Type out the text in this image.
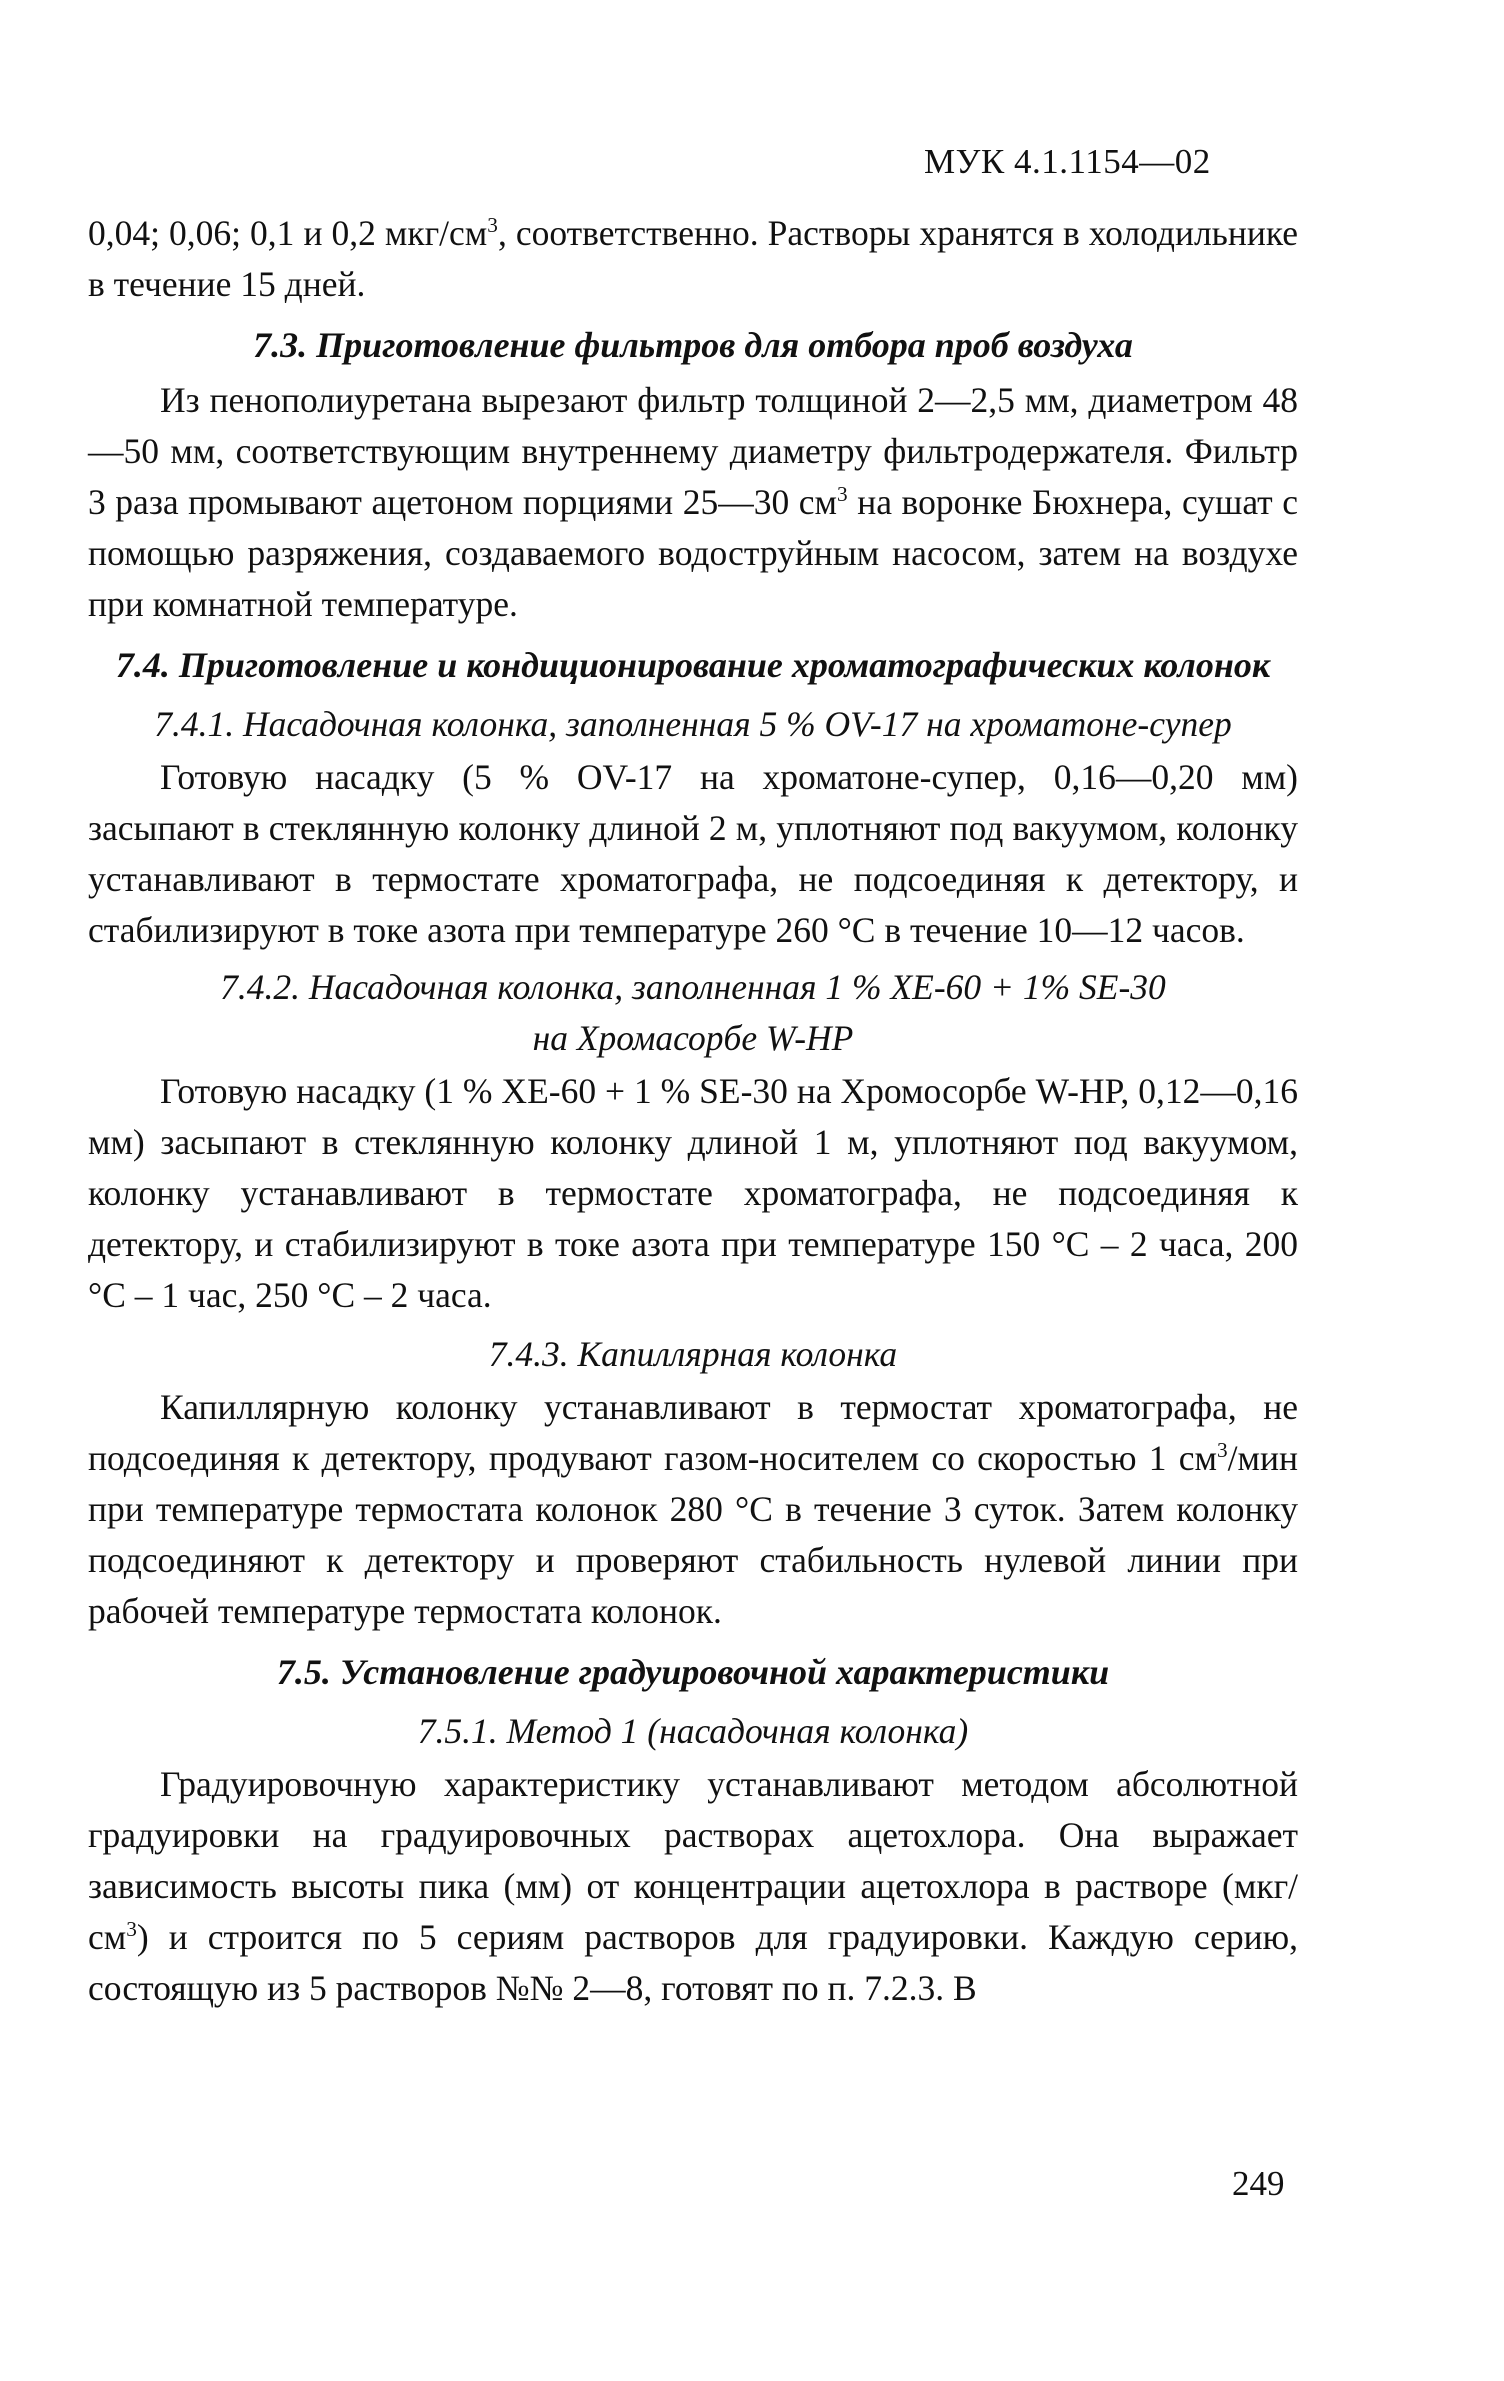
МУК 4.1.1154—02

0,04; 0,06; 0,1 и 0,2 мкг/$см^3$, соответственно. Растворы хранятся в холодильнике в течение 15 дней.

7.3. Приготовление фильтров для отбора проб воздуха

Из пенополиуретана вырезают фильтр толщиной 2—2,5 мм, диаметром 48—50 мм, соответствующим внутреннему диаметру фильтродержателя. Фильтр 3 раза промывают ацетоном порциями 25—30 $см^3$ на воронке Бюхнера, сушат с помощью разряжения, создаваемого водоструйным насосом, затем на воздухе при комнатной температуре.

7.4. Приготовление и кондиционирование хроматографических колонок
7.4.1. Насадочная колонка, заполненная 5 % OV-17 на хроматоне-супер

Готовую насадку (5 % OV-17 на хроматоне-супер, 0,16—0,20 мм) засыпают в стеклянную колонку длиной 2 м, уплотняют под вакуумом, колонку устанавливают в термостате хроматографа, не подсоединяя к детектору, и стабилизируют в токе азота при температуре 260 °С в течение 10—12 часов.

7.4.2. Насадочная колонка, заполненная 1 % ХЕ-60 + 1% SE-30
на Хромасорбе W-HP

Готовую насадку (1 % ХЕ-60 + 1 % SE-30 на Хромосорбе W-HP, 0,12—0,16 мм) засыпают в стеклянную колонку длиной 1 м, уплотняют под вакуумом, колонку устанавливают в термостате хроматографа, не подсоединяя к детектору, и стабилизируют в токе азота при температуре 150 °С – 2 часа, 200 °С – 1 час, 250 °С – 2 часа.

7.4.3. Капиллярная колонка

Капиллярную колонку устанавливают в термостат хроматографа, не подсоединяя к детектору, продувают газом-носителем со скоростью 1 $см^3$/мин при температуре термостата колонок 280 °С в течение 3 суток. Затем колонку подсоединяют к детектору и проверяют стабильность нулевой линии при рабочей температуре термостата колонок.

7.5. Установление градуировочной характеристики
7.5.1. Метод 1 (насадочная колонка)

Градуировочную характеристику устанавливают методом абсолютной градуировки на градуировочных растворах ацетохлора. Она выражает зависимость высоты пика (мм) от концентрации ацетохлора в растворе $(мкг/см^3)$ и строится по 5 сериям растворов для градуировки. Каждую серию, состоящую из 5 растворов №№ 2—8, готовят по п. 7.2.3. В

249
